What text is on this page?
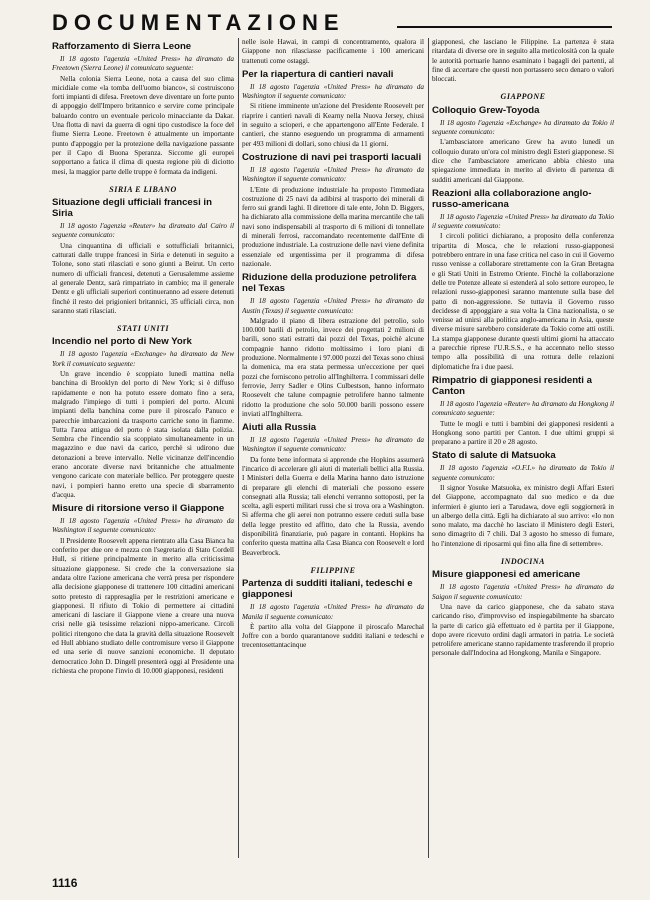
DOCUMENTAZIONE
Rafforzamento di Sierra Leone

Il 18 agosto l'agenzia «United Press» ha diramato da Freetown (Sierra Leone) il comunicato seguente:

Nella colonia Sierra Leone, nota a causa del suo clima micidiale come «la tomba dell'uomo bianco», si costruiscono forti impianti di difesa. Freetown deve diventare un forte punto di appoggio dell'Impero britannico e servire come principale baluardo contro un eventuale pericolo minacciante da Dakar. Una flotta di navi da guerra di ogni tipo custodisce la foce del fiume Sierra Leone. Freetown è attualmente un importante punto d'appoggio per la protezione della navigazione passante per il Capo di Buona Speranza. Siccome gli europei sopportano a fatica il clima di questa regione più di diciotto mesi, la maggior parte delle truppe è formata da indigeni.

SIRIA E LIBANO
Situazione degli ufficiali francesi in Siria

Il 18 agosto l'agenzia «Reuter» ha diramato dal Cairo il seguente comunicato:

Una cinquantina di ufficiali e sottufficiali britannici, catturati dalle truppe francesi in Siria e detenuti in seguito a Tolone, sono stati rilasciati e sono giunti a Beirut. Un certo numero di ufficiali francesi, detenuti a Gerusalemme assieme al generale Dentz, sarà rimpatriato in cambio; ma il generale Dentz e gli ufficiali superiori continueranno ad essere detenuti finchè il resto dei prigionieri britannici, 35 ufficiali circa, non saranno stati rilasciati.

STATI UNITI
Incendio nel porto di New York

Il 18 agosto l'agenzia «Exchange» ha diramato da New York il comunicato seguente:

Un grave incendio è scoppiato lunedì mattina nella banchina di Brooklyn del porto di New York; si è diffuso rapidamente e non ha potuto essere domato fino a sera, malgrado l'impiego di tutti i pompieri del porto. Alcuni impianti della banchina come pure il piroscafo Panuco e parecchie imbarcazioni da trasporto carriche sono in fiamme. Tutta l'area attigua del porto è stata isolata dalla polizia. Sembra che l'incendio sia scoppiato simultaneamente in un magazzino e due navi da carico, perchè si udirono due detonazioni a breve intervallo. Nelle vicinanze dell'incendio erano ancorate diverse navi britanniche che attualmente vengono caricate con materiale bellico. Per proteggere queste navi, i pompieri hanno eretto una specie di sbarramento d'acqua.

Misure di ritorsione verso il Giappone

Il 18 agosto l'agenzia «United Press» ha diramato da Washington il seguente comunicato:

Il Presidente Roosevelt appena rientrato alla Casa Bianca ha conferito per due ore e mezza con l'segretario di Stato Cordell Hull, si ritiene principalmente in merito alla criticissima situazione giapponese. Si crede che la conversazione sia andata oltre l'azione americana che verrà presa per rispondere alla decisione giapponese di trattenere 100 cittadini americani sotto pretesto di rappresaglia per le restrizioni americane e giapponesi. Il rifiuto di Tokio di permettere ai cittadini americani di lasciare il Giappone viene a creare una nuova crisi nelle già tesissime relazioni nippo-americane. Circoli politici ritengono che data la gravità della situazione Roosevelt ed Hull abbiano studiato delle contromisure verso il Giappone ed una serie di nuove sanzioni economiche. Il deputato democratico John D. Dingell presenterà oggi al Presidente una richiesta che propone l'invio di 10.000 giapponesi, residenti

nelle isole Hawai, in campi di concentramento, qualora il Giappone non rilasciasse pacificamente i 100 americani trattenuti come ostaggi.

Per la riapertura di cantieri navali

Il 18 agosto l'agenzia «United Press» ha diramato da Washington il seguente comunicato:

Si ritiene imminente un'azione del Presidente Roosevelt per riaprire i cantieri navali di Kearny nella Nuova Jersey, chiusi in seguito a scioperi, e che appartengono all'Ente Federale. I cantieri, che stanno eseguendo un programma di armamenti per 493 milioni di dollari, sono chiusi da 11 giorni.

Costruzione di navi pei trasporti lacuali

Il 18 agosto l'agenzia «United Press» ha diramato da Washington il seguente comunicato:

L'Ente di produzione industriale ha proposto l'immediata costruzione di 25 navi da adibirsi al trasporto dei minerali di ferro sui grandi laghi. Il direttore di tale ente, John D. Biggers, ha dichiarato alla commissione della marina mercantile che tali navi sono indispensabili al trasporto di 6 milioni di tonnellate di minerali ferrosi, raccomandato recentemente dall'Ente di produzione industriale. La costruzione delle navi viene definita essenziale ed urgentissima per il programma di difesa nazionale.

Riduzione della produzione petrolifera nel Texas

Il 18 agosto l'agenzia «United Press» ha diramato da Austin (Texas) il seguente comunicato:

Malgrado il piano di libera estrazione del petrolio, solo 100.000 barili di petrolio, invece dei progettati 2 milioni di barili, sono stati estratti dai pozzi del Texas, poichè alcune compagnie hanno ridotto moltissimo i loro piani di produzione. Normalmente i 97.000 pozzi del Texas sono chiusi la domenica, ma era stata permessa un'eccezione per quei pozzi che forniscono petrolio all'Inghilterra. I commissari delle ferrovie, Jerry Sadler e Olins Culbestson, hanno informato Roosevelt che talune compagnie petrolifere hanno talmente ridotto la produzione che solo 50.000 barili possono essere inviati all'Inghilterra.

Aiuti alla Russia

Il 18 agosto l'agenzia «United Press» ha diramato da Washington il seguente comunicato:

Da fonte bene informata si apprende che Hopkins assumerà l'incarico di accelerare gli aiuti di materiali bellici alla Russia. I Ministeri della Guerra e della Marina hanno dato istruzione di preparare gli elenchi di materiali che possono essere consegnati alla Russia; tali elenchi verranno sottoposti, per la scelta, agli esperti militari russi che si trova ora a Washington. Si afferma che gli aerei non potranno essere ceduti sulla base della legge prestito ed affitto, dato che la Russia, avendo disponibilità finanziarie, può pagare in contanti. Hopkins ha conferito questa mattina alla Casa Bianca con Roosevelt e lord Beaverbrock.

FILIPPINE
Partenza di sudditi italiani, tedeschi e giapponesi

Il 18 agosto l'agenzia «United Press» ha diramato da Manila il seguente comunicato:

È partito alla volta del Giappone il piroscafo Marechal Joffre con a bordo quarantanove sudditi italiani e tedeschi e trecentosettantacinque

giapponesi, che lasciano le Filippine. La partenza è stata ritardata di diverse ore in seguito alla meticolosità con la quale le autorità portuarie hanno esaminato i bagagli dei partenti, al fine di accertare che questi non portassero seco denaro o valori bloccati.

GIAPPONE
Colloquio Grew-Toyoda

Il 18 agosto l'agenzia «Exchange» ha diramato da Tokio il seguente comunicato:

L'ambasciatore americano Grew ha avuto lunedì un colloquio durato un'ora col ministro degli Esteri giapponese. Si dice che l'ambasciatore americano abbia chiesto una spiegazione immediata in merito al divieto di partenza di sudditi americani dal Giappone.

Reazioni alla collaborazione anglo-russo-americana

Il 18 agosto l'agenzia «United Press» ha diramato da Tokio il seguente comunicato:

I circoli politici dichiarano, a proposito della conferenza tripartita di Mosca, che le relazioni russo-giapponesi potrebbero entrare in una fase critica nel caso in cui il Governo russo venisse a collaborare strettamente con la Gran Bretagna e gli Stati Uniti in Estremo Oriente. Finchè la collaborazione delle tre Potenze alleate si estenderà al solo settore europeo, le relazioni russo-giapponesi saranno mantenute sulla base del patto di non-aggressione. Se tuttavia il Governo russo decidesse di appoggiare a sua volta la Cina nazionalista, o se venisse ad unirsi alla politica anglo-americana in Asia, queste diverse misure sarebbero considerate da Tokio come atti ostili. La stampa giapponese durante questi ultimi giorni ha attaccato a parecchie riprese l'U.R.S.S., e ha accennato nello stesso tempo alla possibilità di una rottura delle relazioni diplomatiche fra i due paesi.

Rimpatrio di giapponesi residenti a Canton

Il 18 agosto l'agenzia «Reuter» ha diramato da Hongkong il comunicato seguente:

Tutte le mogli e tutti i bambini dei giapponesi residenti a Hongkong sono partiti per Canton. I due ultimi gruppi si preparano a partire il 20 e 28 agosto.

Stato di salute di Matsuoka

Il 18 agosto l'agenzia «O.F.I.» ha diramato da Tokio il seguente comunicato:

Il signor Yosuke Matsuoka, ex ministro degli Affari Esteri del Giappone, accompagnato dal suo medico e da due infermieri è giunto ieri a Tarudawa, dove egli soggiornerà in un albergo della città. Egli ha dichiarato al suo arrivo: «Io non sono malato, ma dacchè ho lasciato il Ministero degli Esteri, sono dimagrito di 7 chili. Dal 3 agosto ho smesso di fumare, ho l'intenzione di riposarmi qui fino alla fine di settembre».

INDOCINA
Misure giapponesi ed americane

Il 18 agosto l'agenzia «United Press» ha diramato da Saigon il seguente comunicato:

Una nave da carico giapponese, che da sabato stava caricando riso, d'improvviso ed inspiegabilmente ha sbarcato la parte di carico già effettuato ed è partita per il Giappone, dopo avere ricevuto ordini dagli armatori in patria. Le società petrolifere americane stanno rapidamente trasferendo il proprio personale dall'Indocina ad Hongkong, Manila e Singapore.

1116
